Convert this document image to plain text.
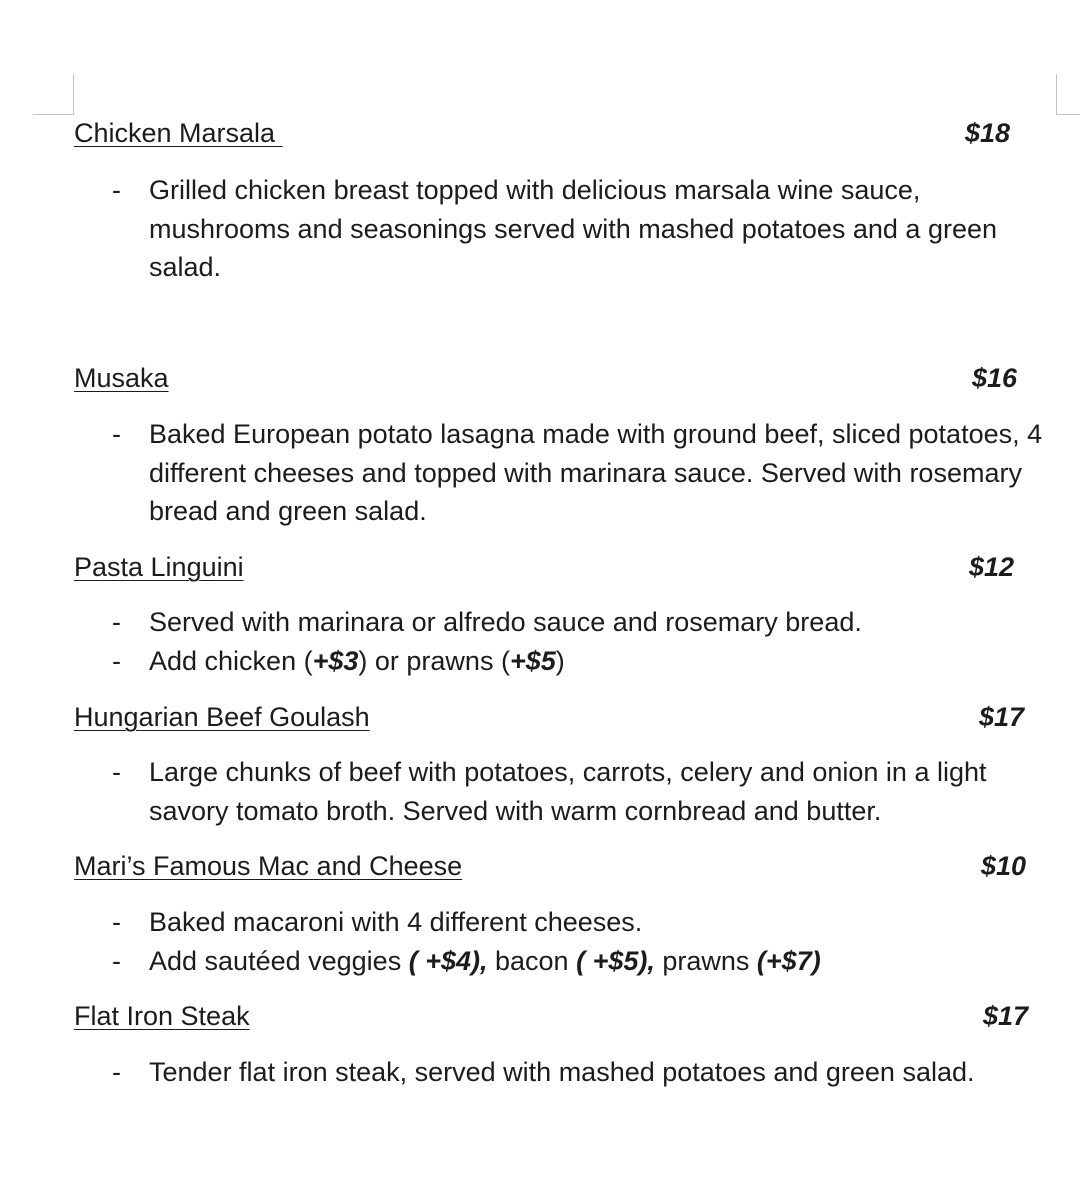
Chicken Marsala	$18
- Grilled chicken breast topped with delicious marsala wine sauce, mushrooms and seasonings served with mashed potatoes and a green salad.
Musaka	$16
- Baked European potato lasagna made with ground beef, sliced potatoes, 4 different cheeses and topped with marinara sauce. Served with rosemary bread and green salad.
Pasta Linguini	$12
- Served with marinara or alfredo sauce and rosemary bread.
- Add chicken (+$3) or prawns (+$5)
Hungarian Beef Goulash	$17
- Large chunks of beef with potatoes, carrots, celery and onion in a light savory tomato broth. Served with warm cornbread and butter.
Mari’s Famous Mac and Cheese	$10
- Baked macaroni with 4 different cheeses.
- Add sautéed veggies ( +$4), bacon ( +$5), prawns (+$7)
Flat Iron Steak	$17
- Tender flat iron steak, served with mashed potatoes and green salad.
